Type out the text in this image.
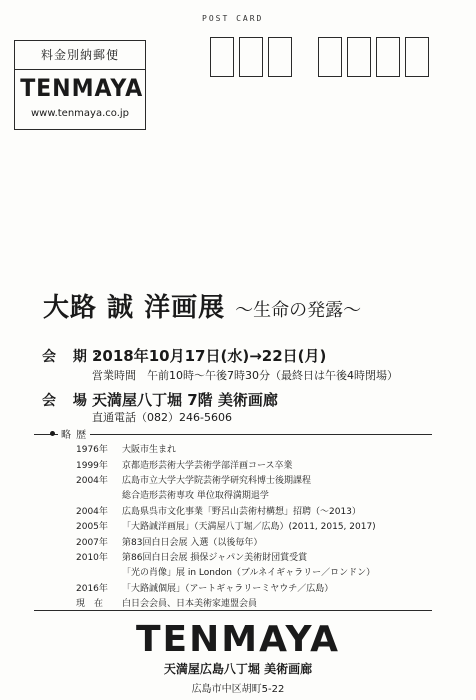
料金別納郵便
TENMAYA
www.tenmaya.co.jp
POST CARD
大路 誠 洋画展 〜生命の発露〜
会 期：
2018年10月17日(水)→22日(月)
営業時間　午前10時〜午後7時30分（最終日は午後4時閉場）
会 場：
天満屋八丁堀 7階 美術画廊
直通電話（082）246-5606
略 歴
1976年	大阪市生まれ
1999年	京都造形芸術大学芸術学部洋画コース卒業
2004年	広島市立大学大学院芸術学研究科博士後期課程
総合造形芸術専攻 単位取得満期退学
2004年	広島県呉市文化事業「野呂山芸術村構想」招聘（〜2013）
2005年	「大路誠洋画展」（天満屋八丁堀／広島）(2011, 2015, 2017)
2007年	第83回白日会展 入選（以後毎年）
2010年	第86回白日会展 損保ジャパン美術財団賞受賞
「光の肖像」展 in London（ブルネイギャラリー／ロンドン）
2016年	「大路誠個展」（アートギャラリーミヤウチ／広島）
現　在	白日会会員、日本美術家連盟会員
TENMAYA
天満屋広島八丁堀 美術画廊
広島市中区胡町5-22
